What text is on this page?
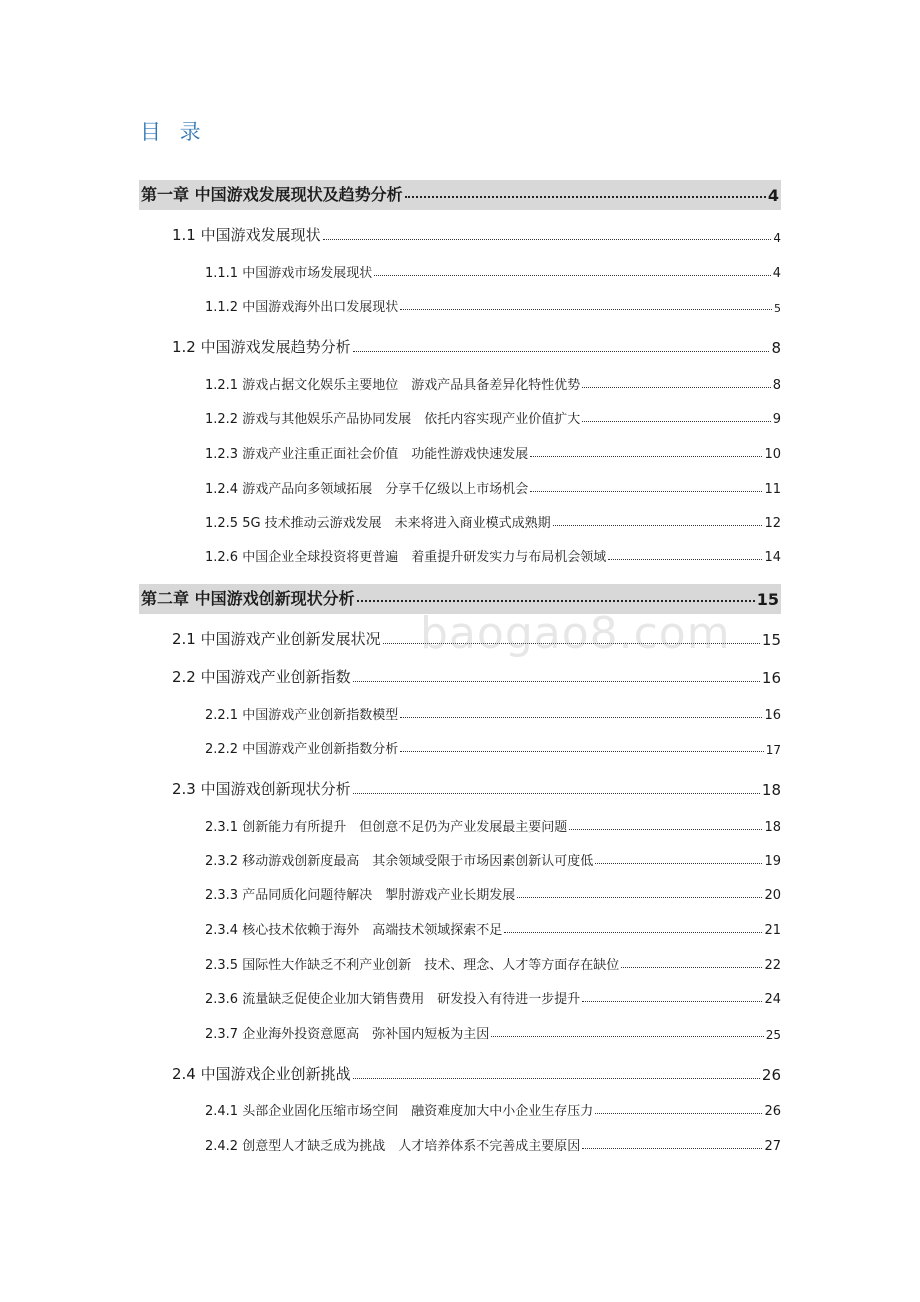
目 录
第一章 中国游戏发展现状及趋势分析	4
1.1 中国游戏发展现状	4
1.1.1 中国游戏市场发展现状	4
1.1.2 中国游戏海外出口发展现状	5
1.2 中国游戏发展趋势分析	8
1.2.1 游戏占据文化娱乐主要地位　游戏产品具备差异化特性优势	8
1.2.2 游戏与其他娱乐产品协同发展　依托内容实现产业价值扩大	9
1.2.3 游戏产业注重正面社会价值　功能性游戏快速发展	10
1.2.4 游戏产品向多领域拓展　分享千亿级以上市场机会	11
1.2.5 5G 技术推动云游戏发展　未来将进入商业模式成熟期	12
1.2.6 中国企业全球投资将更普遍　着重提升研发实力与布局机会领域	14
第二章 中国游戏创新现状分析	15
2.1 中国游戏产业创新发展状况	15
2.2 中国游戏产业创新指数	16
2.2.1 中国游戏产业创新指数模型	16
2.2.2 中国游戏产业创新指数分析	17
2.3 中国游戏创新现状分析	18
2.3.1 创新能力有所提升　但创意不足仍为产业发展最主要问题	18
2.3.2 移动游戏创新度最高　其余领域受限于市场因素创新认可度低	19
2.3.3 产品同质化问题待解决　掣肘游戏产业长期发展	20
2.3.4 核心技术依赖于海外　高端技术领域探索不足	21
2.3.5 国际性大作缺乏不利产业创新　技术、理念、人才等方面存在缺位	22
2.3.6 流量缺乏促使企业加大销售费用　研发投入有待进一步提升	24
2.3.7 企业海外投资意愿高　弥补国内短板为主因	25
2.4 中国游戏企业创新挑战	26
2.4.1 头部企业固化压缩市场空间　融资难度加大中小企业生存压力	26
2.4.2 创意型人才缺乏成为挑战　人才培养体系不完善成主要原因	27
baogao8.com
